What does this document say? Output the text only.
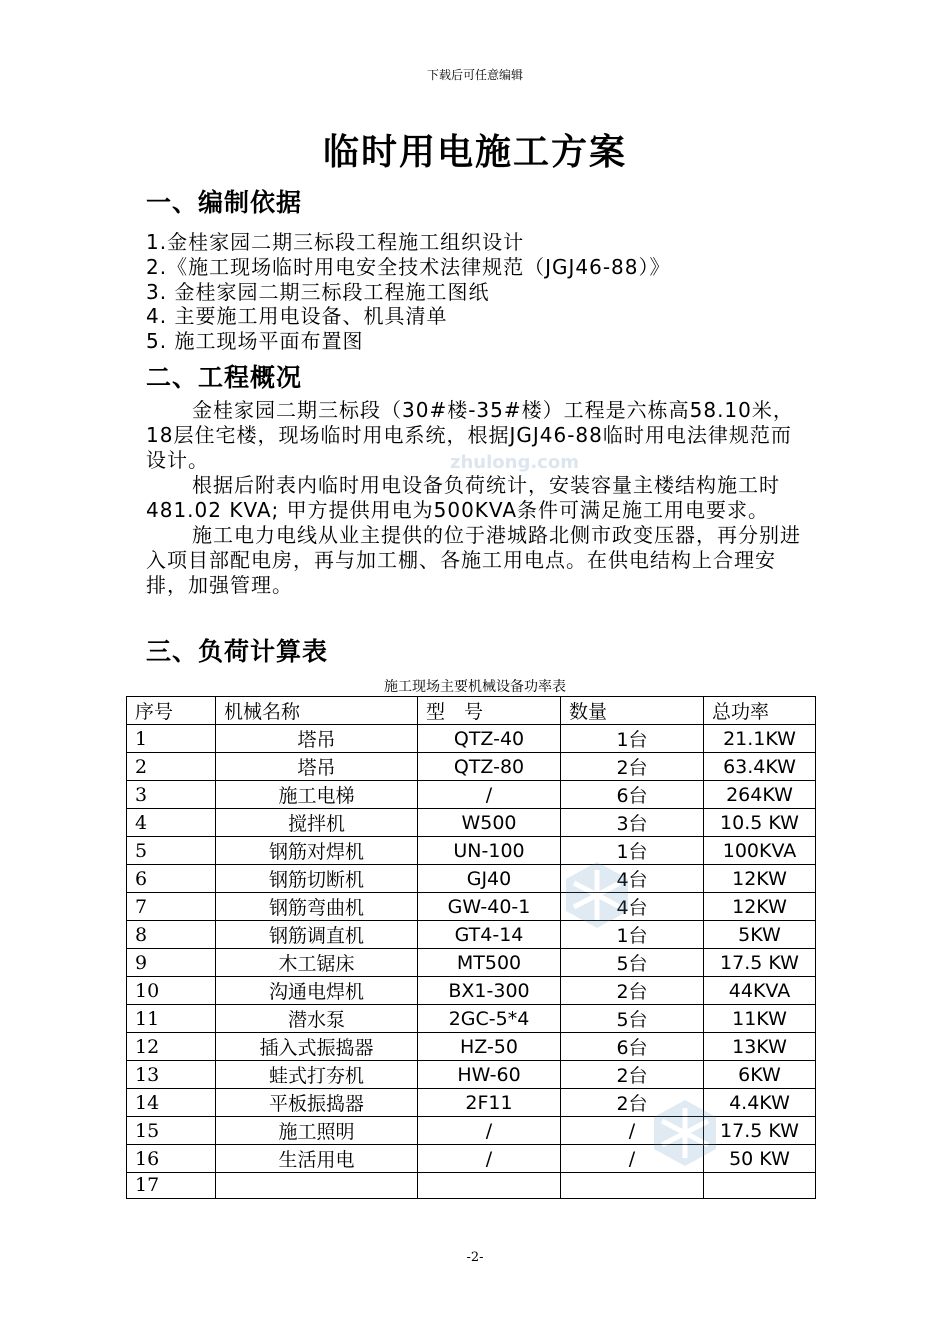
下载后可任意编辑
临时用电施工方案
一、编制依据
1.金桂家园二期三标段工程施工组织设计
2.《施工现场临时用电安全技术法律规范（JGJ46-88）》
3. 金桂家园二期三标段工程施工图纸
4. 主要施工用电设备、机具清单
5. 施工现场平面布置图
二、工程概况

金桂家园二期三标段（30#楼-35#楼）工程是六栋高58.10米，18层住宅楼，现场临时用电系统，根据JGJ46-88临时用电法律规范而设计。

根据后附表内临时用电设备负荷统计，安装容量主楼结构施工时481.02 KVA; 甲方提供用电为500KVA条件可满足施工用电要求。

施工电力电线从业主提供的位于港城路北侧市政变压器，再分别进入项目部配电房，再与加工棚、各施工用电点。在供电结构上合理安排，加强管理。

zhulong.com
三、负荷计算表
施工现场主要机械设备功率表
序号	机械名称	型　号	数量	总功率
1	塔吊	QTZ-40	1台	21.1KW
2	塔吊	QTZ-80	2台	63.4KW
3	施工电梯	/	6台	264KW
4	搅拌机	W500	3台	10.5 KW
5	钢筋对焊机	UN-100	1台	100KVA
6	钢筋切断机	GJ40	4台	12KW
7	钢筋弯曲机	GW-40-1	4台	12KW
8	钢筋调直机	GT4-14	1台	5KW
9	木工锯床	MT500	5台	17.5 KW
10	沟通电焊机	BX1-300	2台	44KVA
11	潜水泵	2GC-5*4	5台	11KW
12	插入式振捣器	HZ-50	6台	13KW
13	蛙式打夯机	HW-60	2台	6KW
14	平板振捣器	2F11	2台	4.4KW
15	施工照明	/	/	17.5 KW
16	生活用电	/	/	50 KW
17				
-2-
